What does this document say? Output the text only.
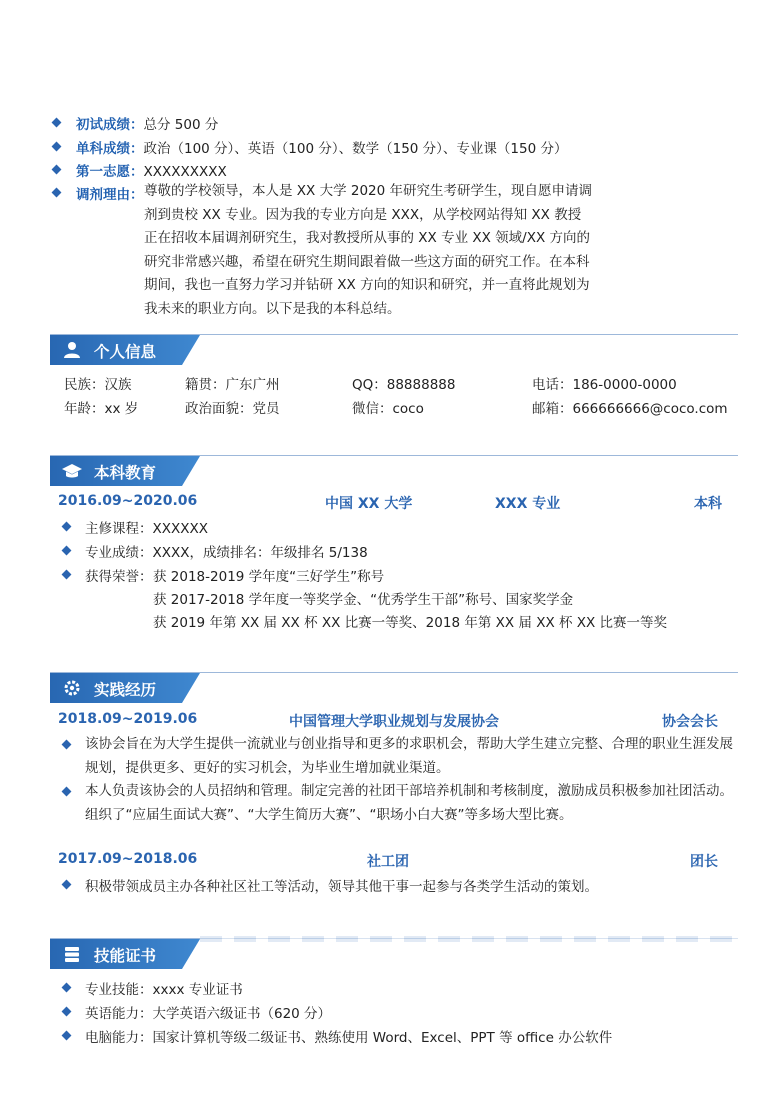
初试成绩：总分 500 分
单科成绩：政治（100 分）、英语（100 分）、数学（150 分）、专业课（150 分）
第一志愿：XXXXXXXXX
调剂理由： 尊敬的学校领导，本人是 XX 大学 2020 年研究生考研学生，现自愿申请调剂到贵校 XX 专业。因为我的专业方向是 XXX，从学校网站得知 XX 教授正在招收本届调剂研究生，我对教授所从事的 XX 专业 XX 领域/XX 方向的研究非常感兴趣，希望在研究生期间跟着做一些这方面的研究工作。在本科期间，我也一直努力学习并钻研 XX 方向的知识和研究，并一直将此规划为我未来的职业方向。以下是我的本科总结。
个人信息
民族：汉族	籍贯：广东广州	QQ：88888888	电话：186-0000-0000
年龄：xx 岁	政治面貌：党员	微信：coco	邮箱：666666666@coco.com
本科教育
2016.09~2020.06	中国 XX 大学	XXX 专业	本科
主修课程：XXXXXX
专业成绩：XXXX，成绩排名：年级排名 5/138
获得荣誉： 获 2018-2019 学年度“三好学生”称号
获 2017-2018 学年度一等奖学金、“优秀学生干部”称号、国家奖学金
获 2019 年第 XX 届 XX 杯 XX 比赛一等奖、2018 年第 XX 届 XX 杯 XX 比赛一等奖
实践经历
2018.09~2019.06	中国管理大学职业规划与发展协会	协会会长
该协会旨在为大学生提供一流就业与创业指导和更多的求职机会，帮助大学生建立完整、合理的职业生涯发展规划，提供更多、更好的实习机会，为毕业生增加就业渠道。
本人负责该协会的人员招纳和管理。制定完善的社团干部培养机制和考核制度，激励成员积极参加社团活动。组织了“应届生面试大赛”、“大学生简历大赛”、“职场小白大赛”等多场大型比赛。
2017.09~2018.06	社工团	团长
积极带领成员主办各种社区社工等活动，领导其他干事一起参与各类学生活动的策划。
技能证书
专业技能：xxxx 专业证书
英语能力：大学英语六级证书（620 分）
电脑能力：国家计算机等级二级证书、熟练使用 Word、Excel、PPT 等 office 办公软件
